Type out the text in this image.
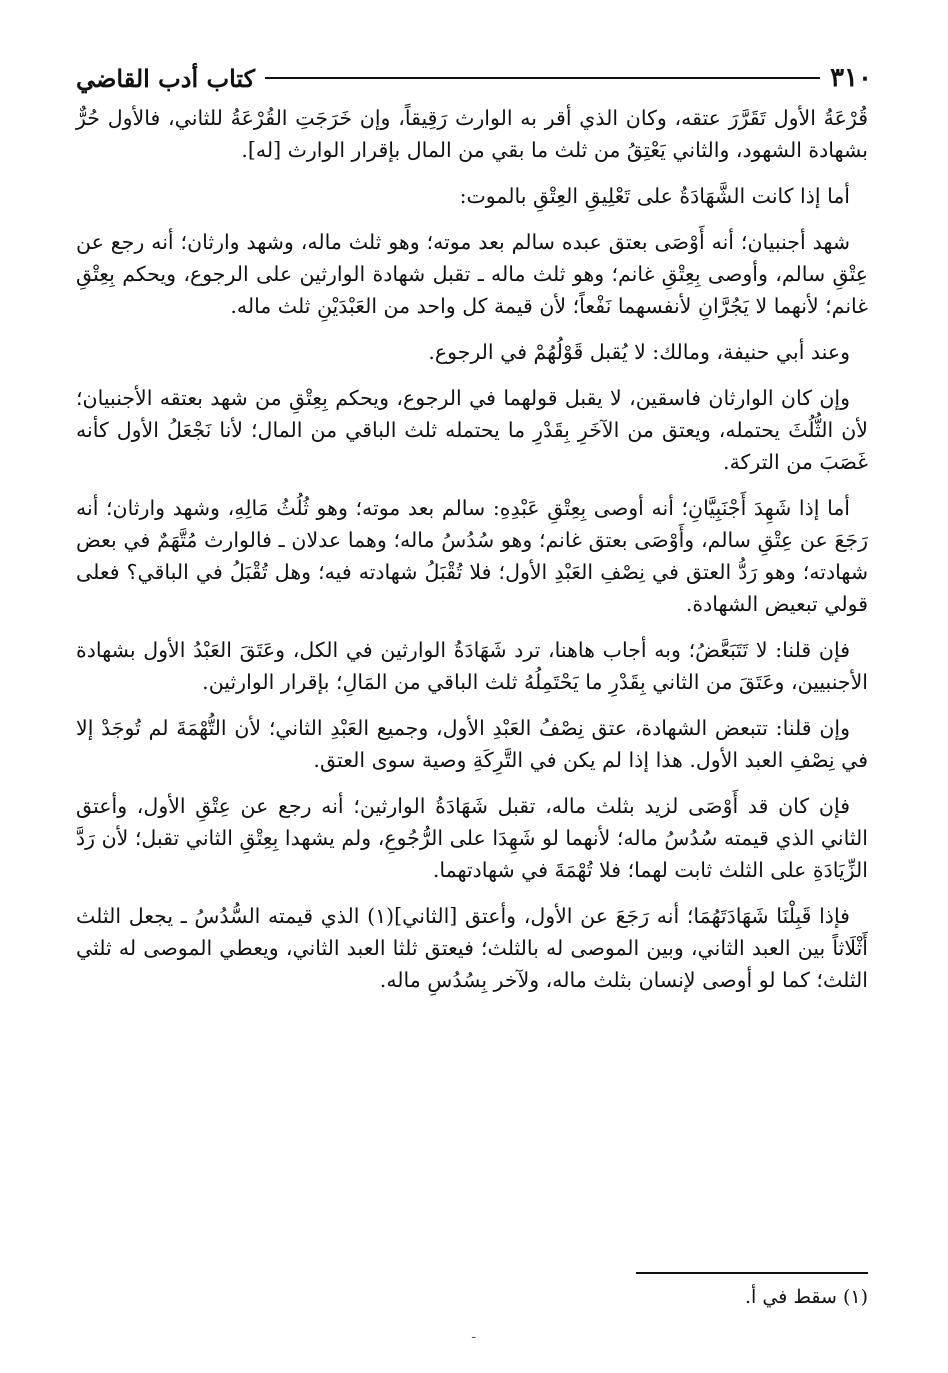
٣١٠
كتاب أدب القاضي

قُرْعَةُ الأول تَقَرَّرَ عتقه، وكان الذي أقر به الوارث رَقِيقاً، وإن خَرَجَتِ القُرْعَةُ للثاني، فالأول حُرٌّ بشهادة الشهود، والثاني يَعْتِقُ من ثلث ما بقي من المال بإقرار الوارث [له].

أما إذا كانت الشَّهَادَةُ على تَعْلِيقِ العِتْقِ بالموت:

شهد أجنبيان؛ أنه أَوْصَى بعتق عبده سالم بعد موته؛ وهو ثلث ماله، وشهد وارثان؛ أنه رجع عن عِتْقِ سالم، وأوصى بِعِتْقِ غانم؛ وهو ثلث ماله ـ تقبل شهادة الوارثين على الرجوع، ويحكم بِعِتْقِ غانم؛ لأنهما لا يَجُرَّانِ لأنفسهما نَفْعاً؛ لأن قيمة كل واحد من العَبْدَيْنِ ثلث ماله.

وعند أبي حنيفة، ومالك: لا يُقبل قَوْلُهُمْ في الرجوع.

وإن كان الوارثان فاسقين، لا يقبل قولهما في الرجوع، ويحكم بِعِتْقِ من شهد بعتقه الأجنبيان؛ لأن الثُّلُثَ يحتمله، ويعتق من الآخَرِ بِقَدْرِ ما يحتمله ثلث الباقي من المال؛ لأنا نَجْعَلُ الأول كأنه غَصَبَ من التركة.

أما إذا شَهِدَ أَجْنَبِيَّانِ؛ أنه أوصى بِعِتْقِ عَبْدِهِ: سالم بعد موته؛ وهو ثُلُثُ مَالِهِ، وشهد وارثان؛ أنه رَجَعَ عن عِتْقِ سالم، وأَوْصَى بعتق غانم؛ وهو سُدُسُ ماله؛ وهما عدلان ـ فالوارث مُتَّهَمٌ في بعض شهادته؛ وهو رَدُّ العتق في نِصْفِ العَبْدِ الأول؛ فلا تُقْبَلُ شهادته فيه؛ وهل تُقْبَلُ في الباقي؟ فعلى قولي تبعيض الشهادة.

فإن قلنا: لا تَتَبَعَّضُ؛ وبه أجاب هاهنا، ترد شَهَادَةُ الوارثين في الكل، وعَتَقَ العَبْدُ الأول بشهادة الأجنبيين، وعَتَقَ من الثاني بِقَدْرِ ما يَحْتَمِلُهُ ثلث الباقي من المَالِ؛ بإقرار الوارثين.

وإن قلنا: تتبعض الشهادة، عتق نِصْفُ العَبْدِ الأول، وجميع العَبْدِ الثاني؛ لأن التُّهْمَةَ لم تُوجَدْ إلا في نِصْفِ العبد الأول. هذا إذا لم يكن في التَّرِكَةِ وصية سوى العتق.

فإن كان قد أَوْصَى لزيد بثلث ماله، تقبل شَهَادَةُ الوارثين؛ أنه رجع عن عِتْقِ الأول، وأعتق الثاني الذي قيمته سُدُسُ ماله؛ لأنهما لو شَهِدَا على الرُّجُوعِ، ولم يشهدا بِعِتْقِ الثاني تقبل؛ لأن رَدَّ الزِّيَادَةِ على الثلث ثابت لهما؛ فلا تُهْمَةَ في شهادتهما.

فإذا قَبِلْنَا شَهَادَتَهُمَا؛ أنه رَجَعَ عن الأول، وأعتق [الثاني](١) الذي قيمته السُّدُسُ ـ يجعل الثلث أَثْلَاثاً بين العبد الثاني، وبين الموصى له بالثلث؛ فيعتق ثلثا العبد الثاني، ويعطي الموصى له ثلثي الثلث؛ كما لو أوصى لإنسان بثلث ماله، ولآخر بِسُدُسِ ماله.

(١) سقط في أ.
ـ
